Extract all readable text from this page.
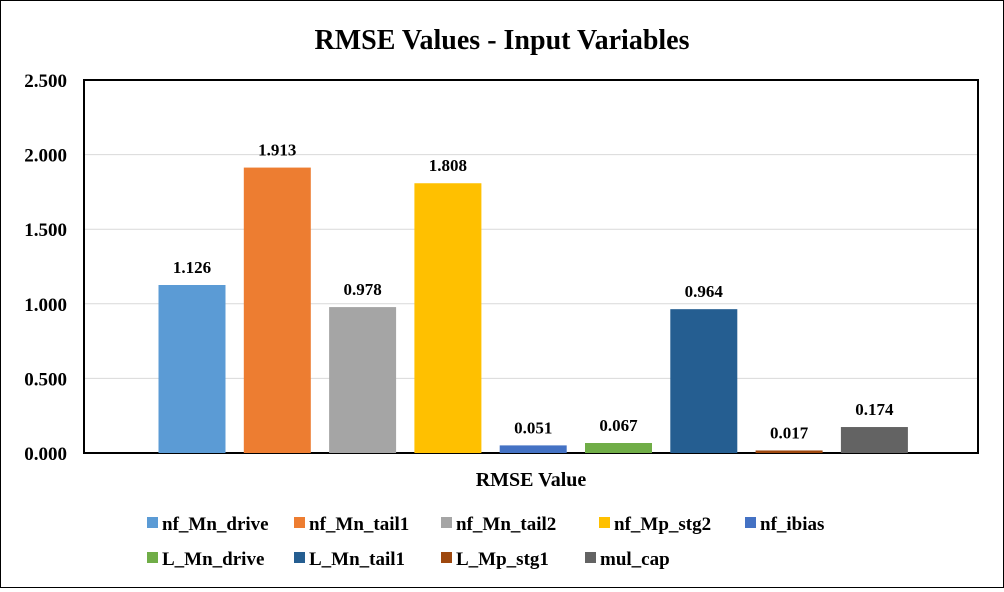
RMSE Values - Input Variables
0.000
0.500
1.000
1.500
2.000
2.500
1.126
1.913
0.978
1.808
0.051	0.067
0.964
0.017
0.174
RMSE Value
nf_Mn_drive nf_Mn_tail1 nf_Mn_tail2	nf_Mp_stg2	nf_ibias
L_Mn_drive L_Mn_tail1	L_Mp_stg1	mul_cap
